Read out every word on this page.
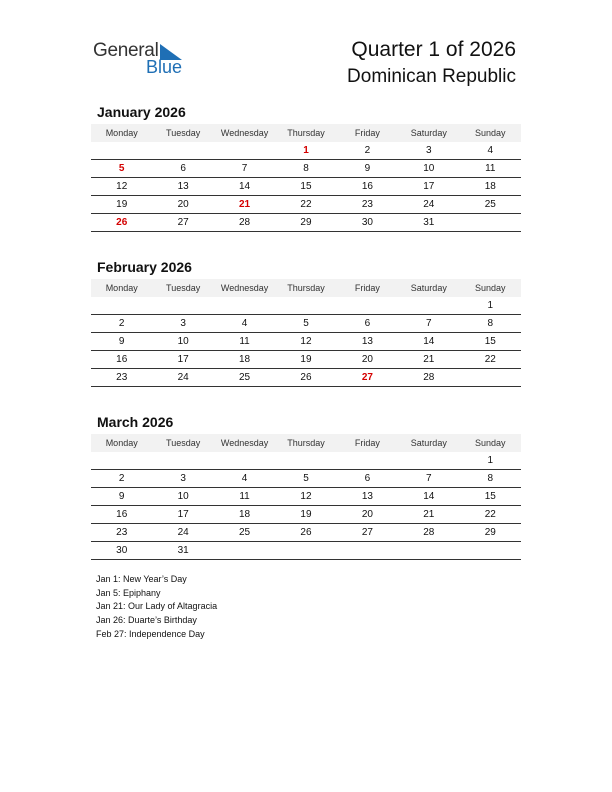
General
Blue
Quarter 1 of 2026
Dominican Republic
January 2026
Monday	Tuesday	Wednesday	Thursday	Friday	Saturday	Sunday
			1	2	3	4
5	6	7	8	9	10	11
12	13	14	15	16	17	18
19	20	21	22	23	24	25
26	27	28	29	30	31	
February 2026
Monday	Tuesday	Wednesday	Thursday	Friday	Saturday	Sunday
						1
2	3	4	5	6	7	8
9	10	11	12	13	14	15
16	17	18	19	20	21	22
23	24	25	26	27	28	
March 2026
Monday	Tuesday	Wednesday	Thursday	Friday	Saturday	Sunday
						1
2	3	4	5	6	7	8
9	10	11	12	13	14	15
16	17	18	19	20	21	22
23	24	25	26	27	28	29
30	31					
Jan 1: New Year’s Day
Jan 5: Epiphany
Jan 21: Our Lady of Altagracia
Jan 26: Duarte’s Birthday
Feb 27: Independence Day
